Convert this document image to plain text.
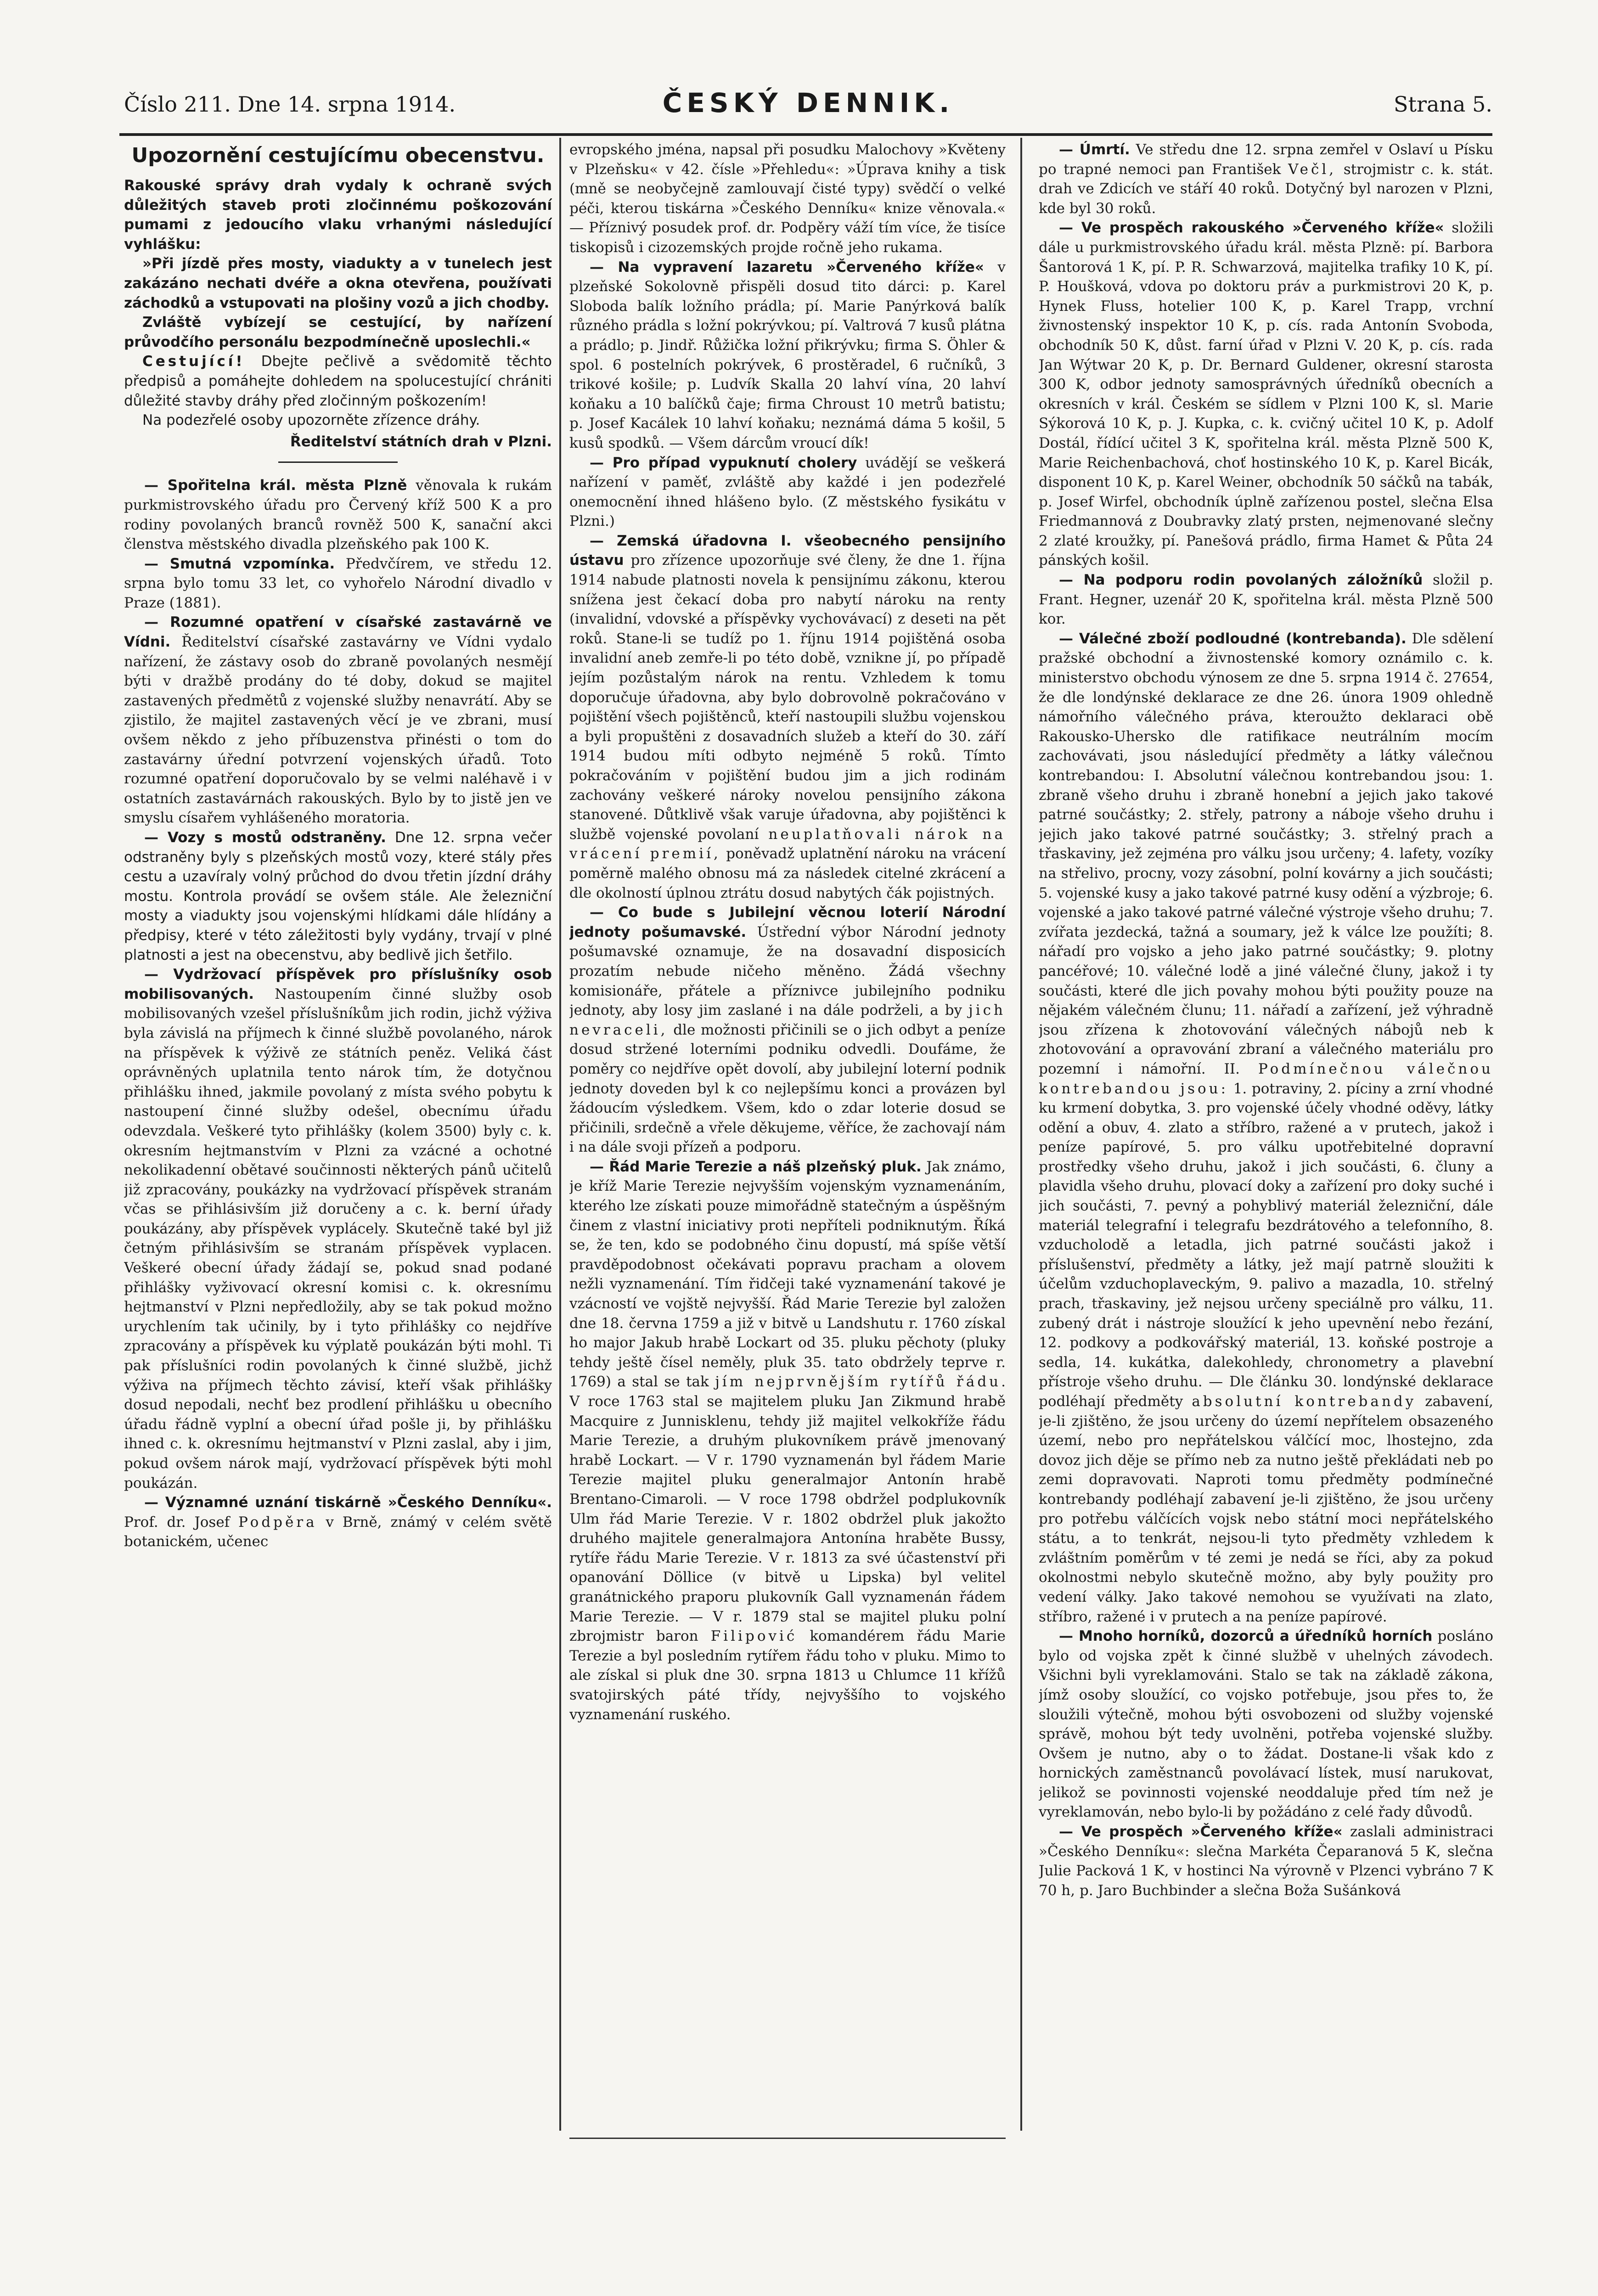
Číslo 211. Dne 14. srpna 1914.	ČESKÝ DENNIK.	Strana 5.
Upozornění cestujícímu obecenstvu.

Rakouské správy drah vydaly k ochraně svých důležitých staveb proti zločinnému poškozování pumami z jedoucího vlaku vrhanými následující vyhlášku:

»Při jízdě přes mosty, viadukty a v tunelech jest zakázáno nechati dvéře a okna otevřena, používati záchodků a vstupovati na plošiny vozů a jich chodby.

Zvláště vybízejí se cestující, by nařízení průvodčího personálu bezpodmínečně uposlechli.«

Cestující! Dbejte pečlivě a svědomitě těchto předpisů a pomáhejte dohledem na spolucestující chrániti důležité stavby dráhy před zločinným poškozením!

Na podezřelé osoby upozorněte zřízence dráhy.

Ředitelství státních drah v Plzni.

— Spořitelna král. města Plzně věnovala k rukám purkmistrovského úřadu pro Červený kříž 500 K a pro rodiny povolaných branců rovněž 500 K, sanační akci členstva městského divadla plzeňského pak 100 K.

— Smutná vzpomínka. Předvčírem, ve středu 12. srpna bylo tomu 33 let, co vyhořelo Národní divadlo v Praze (1881).

— Rozumné opatření v císařské zastavárně ve Vídni. Ředitelství císařské zastavárny ve Vídni vydalo nařízení, že zástavy osob do zbraně povolaných nesmějí býti v dražbě prodány do té doby, dokud se majitel zastavených předmětů z vojenské služby nenavrátí. Aby se zjistilo, že majitel zastavených věcí je ve zbrani, musí ovšem někdo z jeho příbuzenstva přinésti o tom do zastavárny úřední potvrzení vojenských úřadů. Toto rozumné opatření doporučovalo by se velmi naléhavě i v ostatních zastavárnách rakouských. Bylo by to jistě jen ve smyslu císařem vyhlášeného moratoria.

— Vozy s mostů odstraněny. Dne 12. srpna večer odstraněny byly s plzeňských mostů vozy, které stály přes cestu a uzavíraly volný průchod do dvou třetin jízdní dráhy mostu. Kontrola provádí se ovšem stále. Ale železniční mosty a viadukty jsou vojenskými hlídkami dále hlídány a předpisy, které v této záležitosti byly vydány, trvají v plné platnosti a jest na obecenstvu, aby bedlivě jich šetřilo.

— Vydržovací příspěvek pro příslušníky osob mobilisovaných. Nastoupením činné služby osob mobilisovaných vzešel příslušníkům jich rodin, jichž výživa byla závislá na příjmech k činné službě povolaného, nárok na příspěvek k výživě ze státních peněz. Veliká část oprávněných uplatnila tento nárok tím, že dotyčnou přihlášku ihned, jakmile povolaný z místa svého pobytu k nastoupení činné služby odešel, obecnímu úřadu odevzdala. Veškeré tyto přihlášky (kolem 3500) byly c. k. okresním hejtmanstvím v Plzni za vzácné a ochotné nekolikadenní obětavé součinnosti některých pánů učitelů již zpracovány, poukázky na vydržovací příspěvek stranám včas se přihlásivším již doručeny a c. k. berní úřady poukázány, aby příspěvek vyplácely. Skutečně také byl již četným přihlásivším se stranám příspěvek vyplacen. Veškeré obecní úřady žádají se, pokud snad podané přihlášky vyživovací okresní komisi c. k. okresnímu hejtmanství v Plzni nepředložily, aby se tak pokud možno urychlením tak učinily, by i tyto přihlášky co nejdříve zpracovány a příspěvek ku výplatě poukázán býti mohl. Ti pak příslušníci rodin povolaných k činné službě, jichž výživa na příjmech těchto závisí, kteří však přihlášky dosud nepodali, nechť bez prodlení přihlášku u obecního úřadu řádně vyplní a obecní úřad pošle ji, by přihlášku ihned c. k. okresnímu hejtmanství v Plzni zaslal, aby i jim, pokud ovšem nárok mají, vydržovací příspěvek býti mohl poukázán.

— Významné uznání tiskárně »Českého Denníku«. Prof. dr. Josef Podpěra v Brně, známý v celém světě botanickém, učenec

evropského jména, napsal při posudku Malochovy »Květeny v Plzeňsku« v 42. čísle »Přehledu«: »Úprava knihy a tisk (mně se neobyčejně zamlouvají čisté typy) svědčí o velké péči, kterou tiskárna »Českého Denníku« knize věnovala.« — Příznivý posudek prof. dr. Podpěry váží tím více, že tisíce tiskopisů i cizozemských projde ročně jeho rukama.

— Na vypravení lazaretu »Červeného kříže« v plzeňské Sokolovně přispěli dosud tito dárci: p. Karel Sloboda balík ložního prádla; pí. Marie Panýrková balík různého prádla s ložní pokrývkou; pí. Valtrová 7 kusů plátna a prádlo; p. Jindř. Růžička ložní přikrývku; firma S. Öhler & spol. 6 postelních pokrývek, 6 prostěradel, 6 ručníků, 3 trikové košile; p. Ludvík Skalla 20 lahví vína, 20 lahví koňaku a 10 balíčků čaje; firma Chroust 10 metrů batistu; p. Josef Kacálek 10 lahví koňaku; neznámá dáma 5 košil, 5 kusů spodků. — Všem dárcům vroucí dík!

— Pro případ vypuknutí cholery uvádějí se veškerá nařízení v paměť, zvláště aby každé i jen podezřelé onemocnění ihned hlášeno bylo. (Z městského fysikátu v Plzni.)

— Zemská úřadovna I. všeobecného pensijního ústavu pro zřízence upozorňuje své členy, že dne 1. října 1914 nabude platnosti novela k pensijnímu zákonu, kterou snížena jest čekací doba pro nabytí nároku na renty (invalidní, vdovské a příspěvky vychovávací) z deseti na pět roků. Stane-li se tudíž po 1. říjnu 1914 pojištěná osoba invalidní aneb zemře-li po této době, vznikne jí, po případě jejím pozůstalým nárok na rentu. Vzhledem k tomu doporučuje úřadovna, aby bylo dobrovolně pokračováno v pojištění všech pojištěnců, kteří nastoupili službu vojenskou a byli propuštěni z dosavadních služeb a kteří do 30. září 1914 budou míti odbyto nejméně 5 roků. Tímto pokračováním v pojištění budou jim a jich rodinám zachovány veškeré nároky novelou pensijního zákona stanovené. Důtklivě však varuje úřadovna, aby pojištěnci k službě vojenské povolaní neuplatňovali nárok na vrácení premií, poněvadž uplatnění nároku na vrácení poměrně malého obnosu má za následek citelné zkrácení a dle okolností úplnou ztrátu dosud nabytých čák pojistných.

— Co bude s Jubilejní věcnou loterií Národní jednoty pošumavské. Ústřední výbor Národní jednoty pošumavské oznamuje, že na dosavadní disposicích prozatím nebude ničeho měněno. Žádá všechny komisionáře, přátele a příznivce jubilejního podniku jednoty, aby losy jim zaslané i na dále podrželi, a by jich nevraceli, dle možnosti přičinili se o jich odbyt a peníze dosud stržené loterními podniku odvedli. Doufáme, že poměry co nejdříve opět dovolí, aby jubilejní loterní podnik jednoty doveden byl k co nejlepšímu konci a provázen byl žádoucím výsledkem. Všem, kdo o zdar loterie dosud se přičinili, srdečně a vřele děkujeme, věříce, že zachovají nám i na dále svoji přízeň a podporu.

— Řád Marie Terezie a náš plzeňský pluk. Jak známo, je kříž Marie Terezie nejvyšším vojenským vyznamenáním, kterého lze získati pouze mimořádně statečným a úspěšným činem z vlastní iniciativy proti nepříteli podniknutým. Říká se, že ten, kdo se podobného činu dopustí, má spíše větší pravděpodobnost očekávati popravu pracham a olovem nežli vyznamenání. Tím řidčeji také vyznamenání takové je vzácností ve vojště nejvyšší. Řád Marie Terezie byl založen dne 18. června 1759 a již v bitvě u Landshutu r. 1760 získal ho major Jakub hrabě Lockart od 35. pluku pěchoty (pluky tehdy ještě čísel neměly, pluk 35. tato obdržely teprve r. 1769) a stal se tak jím nejprvnějším rytířů řádu. V roce 1763 stal se majitelem pluku Jan Zikmund hrabě Macquire z Junnisklenu, tehdy již majitel velkokříže řádu Marie Terezie, a druhým plukovníkem právě jmenovaný hrabě Lockart. — V r. 1790 vyznamenán byl řádem Marie Terezie majitel pluku generalmajor Antonín hrabě Brentano-Cimaroli. — V roce 1798 obdržel podplukovník Ulm řád Marie Terezie. V r. 1802 obdržel pluk jakožto druhého majitele generalmajora Antonína hraběte Bussy, rytíře řádu Marie Terezie. V r. 1813 za své účastenství při opanování Döllice (v bitvě u Lipska) byl velitel granátnického praporu plukovník Gall vyznamenán řádem Marie Terezie. — V r. 1879 stal se majitel pluku polní zbrojmistr baron Filipović komandérem řádu Marie Terezie a byl posledním rytířem řádu toho v pluku. Mimo to ale získal si pluk dne 30. srpna 1813 u Chlumce 11 křížů svatojirských páté třídy, nejvyššího to vojského vyznamenání ruského.

— Úmrtí. Ve středu dne 12. srpna zemřel v Oslaví u Písku po trapné nemoci pan František Večl, strojmistr c. k. stát. drah ve Zdicích ve stáří 40 roků. Dotyčný byl narozen v Plzni, kde byl 30 roků.

— Ve prospěch rakouského »Červeného kříže« složili dále u purkmistrovského úřadu král. města Plzně: pí. Barbora Šantorová 1 K, pí. P. R. Schwarzová, majitelka trafiky 10 K, pí. P. Houšková, vdova po doktoru práv a purkmistrovi 20 K, p. Hynek Fluss, hotelier 100 K, p. Karel Trapp, vrchní živnostenský inspektor 10 K, p. cís. rada Antonín Svoboda, obchodník 50 K, důst. farní úřad v Plzni V. 20 K, p. cís. rada Jan Wýtwar 20 K, p. Dr. Bernard Guldener, okresní starosta 300 K, odbor jednoty samosprávných úředníků obecních a okresních v král. Českém se sídlem v Plzni 100 K, sl. Marie Sýkorová 10 K, p. J. Kupka, c. k. cvičný učitel 10 K, p. Adolf Dostál, řídící učitel 3 K, spořitelna král. města Plzně 500 K, Marie Reichenbachová, choť hostinského 10 K, p. Karel Bicák, disponent 10 K, p. Karel Weiner, obchodník 50 sáčků na tabák, p. Josef Wirfel, obchodník úplně zařízenou postel, slečna Elsa Friedmannová z Doubravky zlatý prsten, nejmenované slečny 2 zlaté kroužky, pí. Panešová prádlo, firma Hamet & Půta 24 pánských košil.

— Na podporu rodin povolaných záložníků složil p. Frant. Hegner, uzenář 20 K, spořitelna král. města Plzně 500 kor.

— Válečné zboží podloudné (kontrebanda). Dle sdělení pražské obchodní a živnostenské komory oznámilo c. k. ministerstvo obchodu výnosem ze dne 5. srpna 1914 č. 27654, že dle londýnské deklarace ze dne 26. února 1909 ohledně námořního válečného práva, kteroužto deklaraci obě Rakousko-Uhersko dle ratifikace neutrálním mocím zachovávati, jsou následující předměty a látky válečnou kontrebandou: I. Absolutní válečnou kontrebandou jsou: 1. zbraně všeho druhu i zbraně honební a jejich jako takové patrné součástky; 2. střely, patrony a náboje všeho druhu i jejich jako takové patrné součástky; 3. střelný prach a třaskaviny, jež zejména pro válku jsou určeny; 4. lafety, vozíky na střelivo, procny, vozy zásobní, polní kovárny a jich součásti; 5. vojenské kusy a jako takové patrné kusy odění a výzbroje; 6. vojenské a jako takové patrné válečné výstroje všeho druhu; 7. zvířata jezdecká, tažná a soumary, jež k válce lze použíti; 8. nářadí pro vojsko a jeho jako patrné součástky; 9. plotny pancéřové; 10. válečné lodě a jiné válečné čluny, jakož i ty součásti, které dle jich povahy mohou býti použity pouze na nějakém válečném člunu; 11. nářadí a zařízení, jež výhradně jsou zřízena k zhotovování válečných nábojů neb k zhotovování a opravování zbraní a válečného materiálu pro pozemní i námořní. II. Podmínečnou válečnou kontrebandou jsou: 1. potraviny, 2. píciny a zrní vhodné ku krmení dobytka, 3. pro vojenské účely vhodné oděvy, látky odění a obuv, 4. zlato a stříbro, ražené a v prutech, jakož i peníze papírové, 5. pro válku upotřebitelné dopravní prostředky všeho druhu, jakož i jich součásti, 6. čluny a plavidla všeho druhu, plovací doky a zařízení pro doky suché i jich součásti, 7. pevný a pohyblivý materiál železniční, dále materiál telegrafní i telegrafu bezdrátového a telefonního, 8. vzducholodě a letadla, jich patrné součásti jakož i příslušenství, předměty a látky, jež mají patrně sloužiti k účelům vzduchoplaveckým, 9. palivo a mazadla, 10. střelný prach, třaskaviny, jež nejsou určeny speciálně pro válku, 11. zubený drát i nástroje sloužící k jeho upevnění nebo řezání, 12. podkovy a podkovářský materiál, 13. koňské postroje a sedla, 14. kukátka, dalekohledy, chronometry a plavební přístroje všeho druhu. — Dle článku 30. londýnské deklarace podléhají předměty absolutní kontrebandy zabavení, je-li zjištěno, že jsou určeny do území nepřítelem obsazeného území, nebo pro nepřátelskou válčící moc, lhostejno, zda dovoz jich děje se přímo neb za nutno ještě překládati neb po zemi dopravovati. Naproti tomu předměty podmínečné kontrebandy podléhají zabavení je-li zjištěno, že jsou určeny pro potřebu válčících vojsk nebo státní moci nepřátelského státu, a to tenkrát, nejsou-li tyto předměty vzhledem k zvláštním poměrům v té zemi je nedá se říci, aby za pokud okolnostmi nebylo skutečně možno, aby byly použity pro vedení války. Jako takové nemohou se využívati na zlato, stříbro, ražené i v prutech a na peníze papírové.

— Mnoho horníků, dozorců a úředníků horních posláno bylo od vojska zpět k činné službě v uhelných závodech. Všichni byli vyreklamováni. Stalo se tak na základě zákona, jímž osoby sloužící, co vojsko potřebuje, jsou přes to, že sloužili výtečně, mohou býti osvobozeni od služby vojenské správě, mohou být tedy uvolněni, potřeba vojenské služby. Ovšem je nutno, aby o to žádat. Dostane-li však kdo z hornických zaměstnanců povolávací lístek, musí narukovat, jelikož se povinnosti vojenské neoddaluje před tím než je vyreklamován, nebo bylo-li by požádáno z celé řady důvodů.

— Ve prospěch »Červeného kříže« zaslali administraci »Českého Denníku«: slečna Markéta Čeparanová 5 K, slečna Julie Packová 1 K, v hostinci Na výrovně v Plzenci vybráno 7 K 70 h, p. Jaro Buchbinder a slečna Boža Sušánková
